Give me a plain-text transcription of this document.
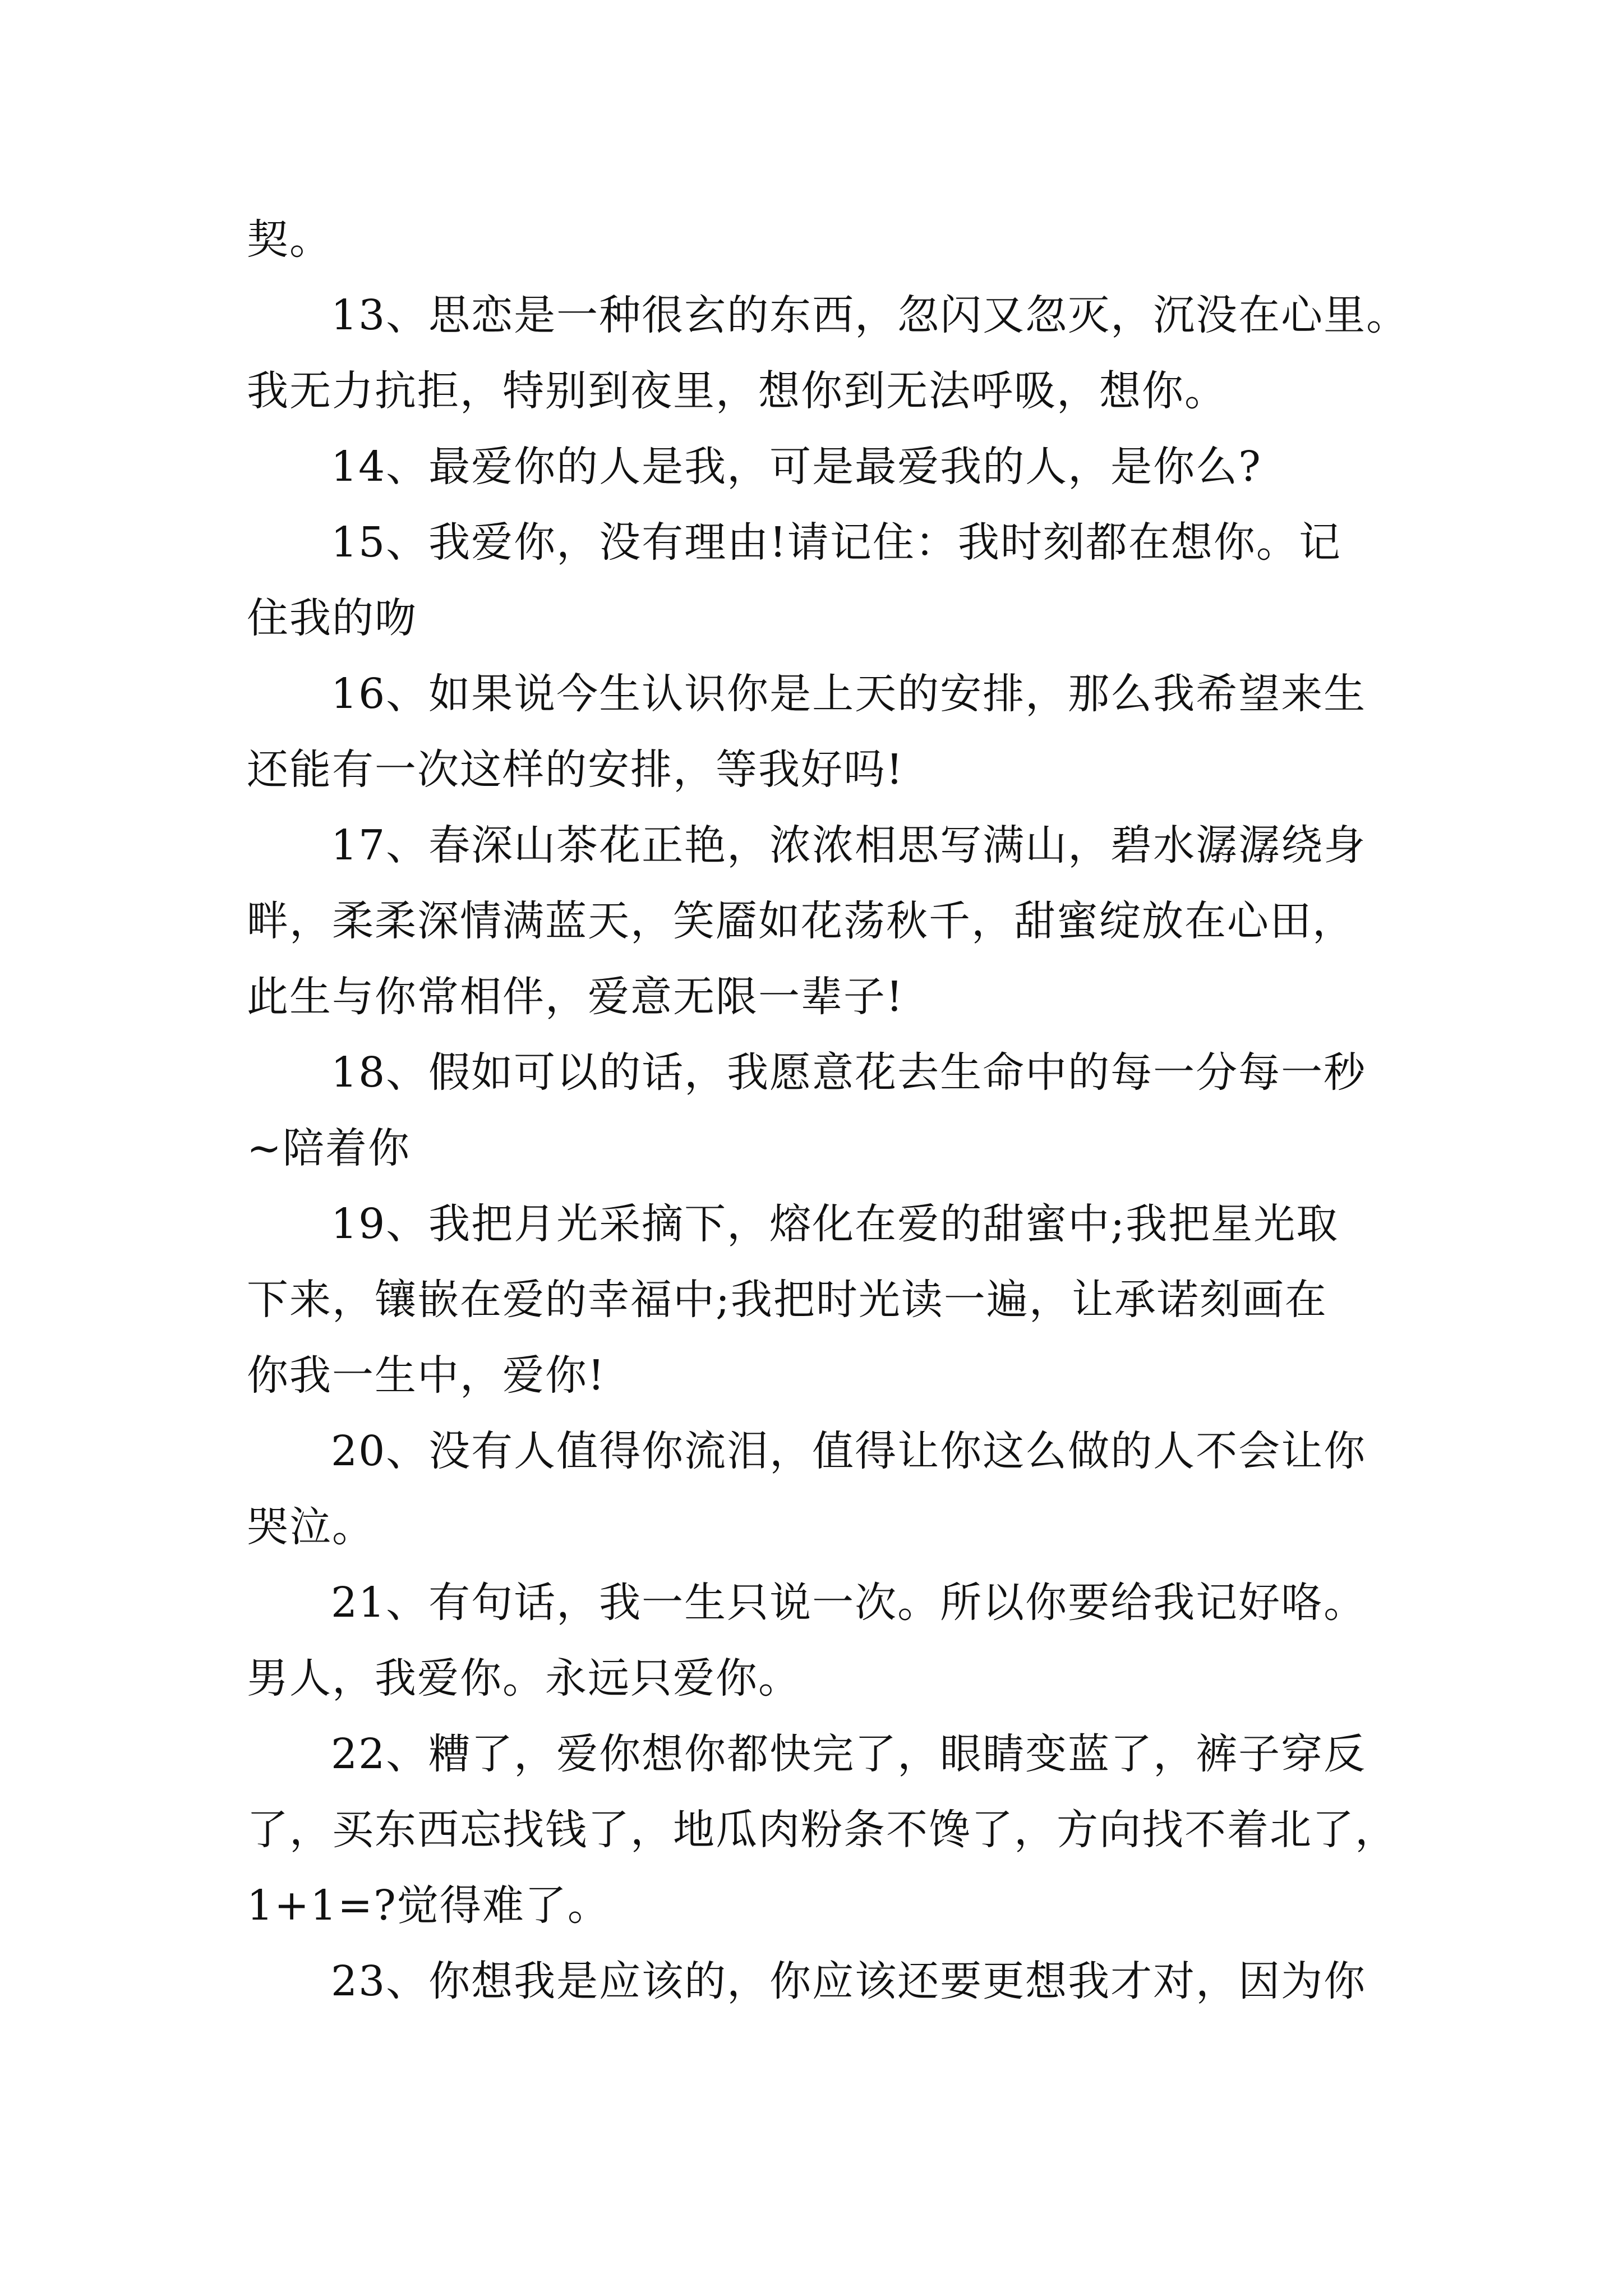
契。
13、思恋是一种很玄的东西，忽闪又忽灭，沉没在心里。
我无力抗拒，特别到夜里，想你到无法呼吸，想你。
14、最爱你的人是我，可是最爱我的人，是你么?
15、我爱你，没有理由!请记住：我时刻都在想你。记
住我的吻
16、如果说今生认识你是上天的安排，那么我希望来生
还能有一次这样的安排，等我好吗!
17、春深山茶花正艳，浓浓相思写满山，碧水潺潺绕身
畔，柔柔深情满蓝天，笑靥如花荡秋千，甜蜜绽放在心田，
此生与你常相伴，爱意无限一辈子!
18、假如可以的话，我愿意花去生命中的每一分每一秒
~陪着你
19、我把月光采摘下，熔化在爱的甜蜜中;我把星光取
下来，镶嵌在爱的幸福中;我把时光读一遍，让承诺刻画在
你我一生中，爱你!
20、没有人值得你流泪，值得让你这么做的人不会让你
哭泣。
21、有句话，我一生只说一次。所以你要给我记好咯。
男人，我爱你。永远只爱你。
22、糟了，爱你想你都快完了，眼睛变蓝了，裤子穿反
了，买东西忘找钱了，地瓜肉粉条不馋了，方向找不着北了，
1+1=?觉得难了。
23、你想我是应该的，你应该还要更想我才对，因为你
